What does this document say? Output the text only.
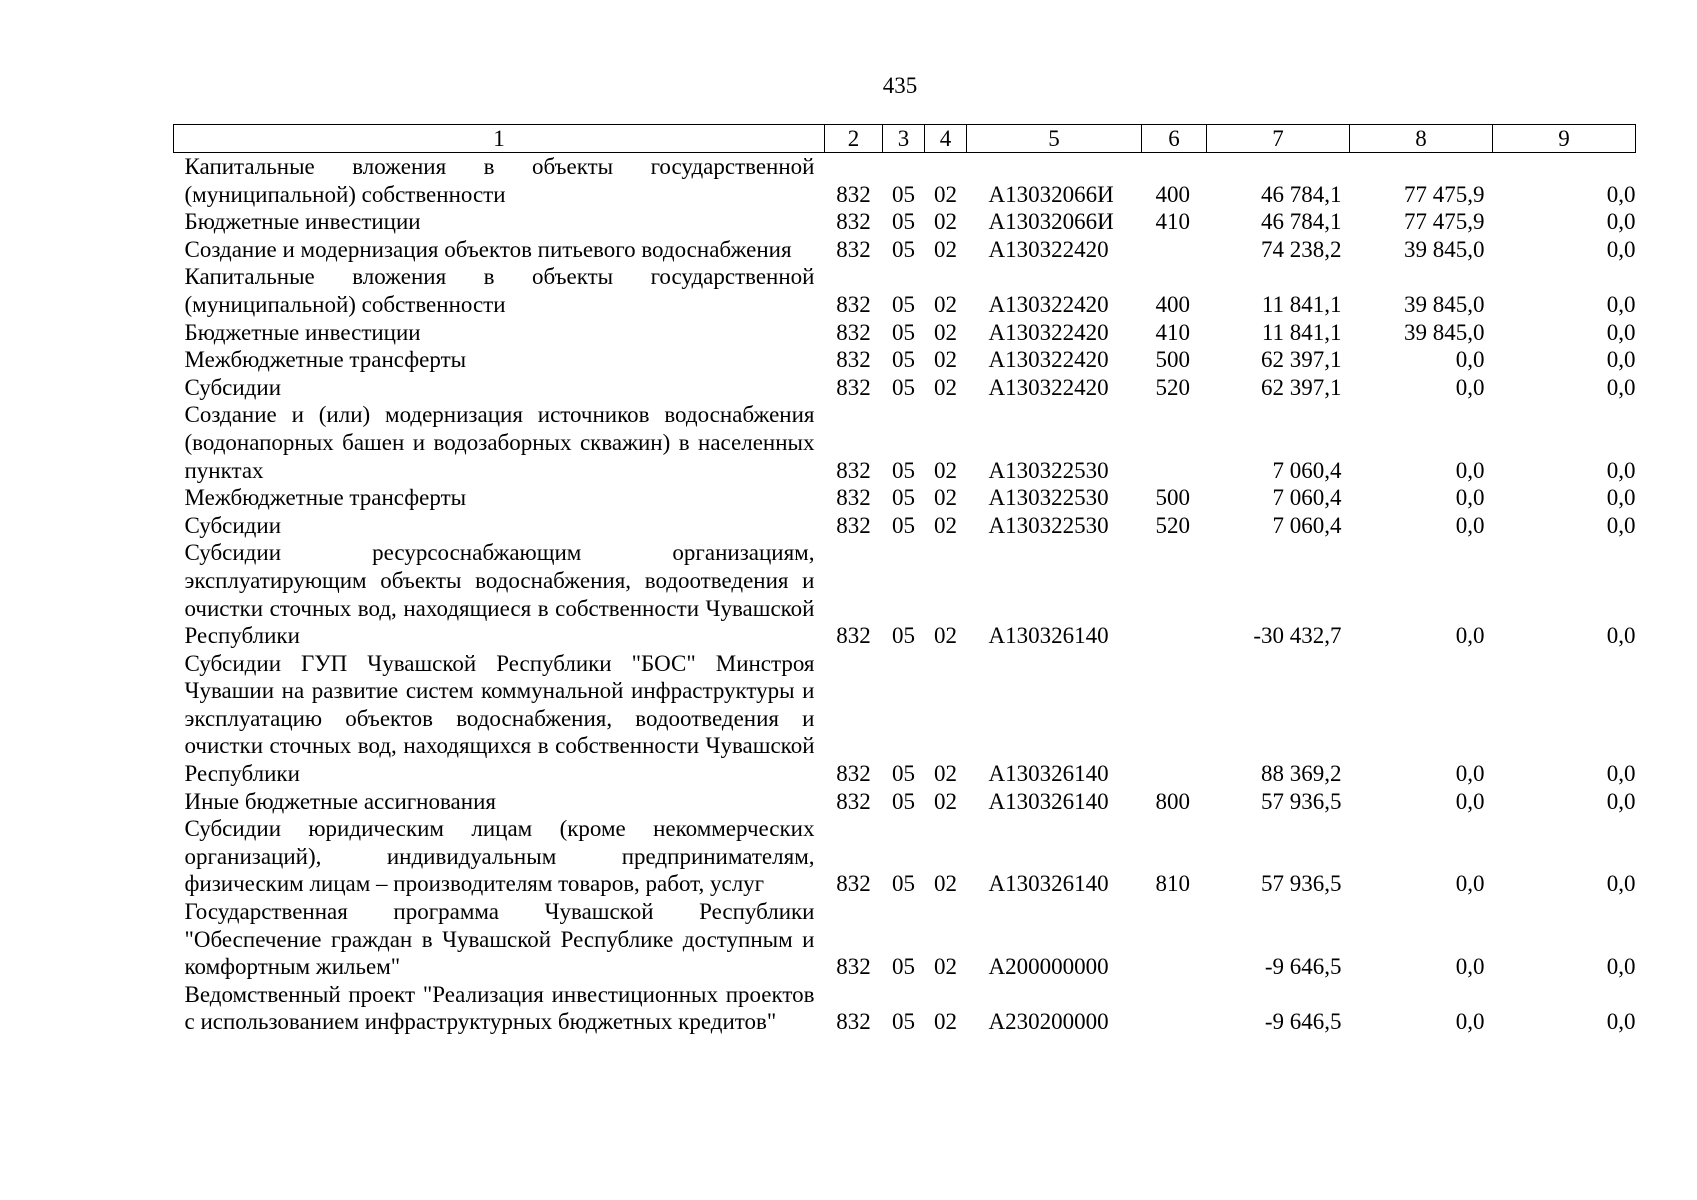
435
1	2	3	4	5	6	7	8	9
Капитальные вложения в объекты государственной (муниципальной) собственности	832	05	02	A13032066И	400	46 784,1	77 475,9	0,0
Бюджетные инвестиции	832	05	02	A13032066И	410	46 784,1	77 475,9	0,0
Создание и модернизация объектов питьевого водоснабжения	832	05	02	A130322420		74 238,2	39 845,0	0,0
Капитальные вложения в объекты государственной (муниципальной) собственности	832	05	02	A130322420	400	11 841,1	39 845,0	0,0
Бюджетные инвестиции	832	05	02	A130322420	410	11 841,1	39 845,0	0,0
Межбюджетные трансферты	832	05	02	A130322420	500	62 397,1	0,0	0,0
Субсидии	832	05	02	A130322420	520	62 397,1	0,0	0,0
Создание и (или) модернизация источников водоснабжения (водонапорных башен и водозаборных скважин) в населенных пунктах	832	05	02	A130322530		7 060,4	0,0	0,0
Межбюджетные трансферты	832	05	02	A130322530	500	7 060,4	0,0	0,0
Субсидии	832	05	02	A130322530	520	7 060,4	0,0	0,0
Субсидии ресурсоснабжающим организациям, эксплуатирующим объекты водоснабжения, водоотведения и очистки сточных вод, находящиеся в собственности Чувашской Республики	832	05	02	A130326140		-30 432,7	0,0	0,0
Субсидии ГУП Чувашской Республики "БОС" Минстроя Чувашии на развитие систем коммунальной инфраструктуры и эксплуатацию объектов водоснабжения, водоотведения и очистки сточных вод, находящихся в собственности Чувашской Республики	832	05	02	A130326140		88 369,2	0,0	0,0
Иные бюджетные ассигнования	832	05	02	A130326140	800	57 936,5	0,0	0,0
Субсидии юридическим лицам (кроме некоммерческих организаций), индивидуальным предпринимателям, физическим лицам – производителям товаров, работ, услуг	832	05	02	A130326140	810	57 936,5	0,0	0,0
Государственная программа Чувашской Республики "Обеспечение граждан в Чувашской Республике доступным и комфортным жильем"	832	05	02	A200000000		-9 646,5	0,0	0,0
Ведомственный проект "Реализация инвестиционных проектов с использованием инфраструктурных бюджетных кредитов"	832	05	02	A230200000		-9 646,5	0,0	0,0
